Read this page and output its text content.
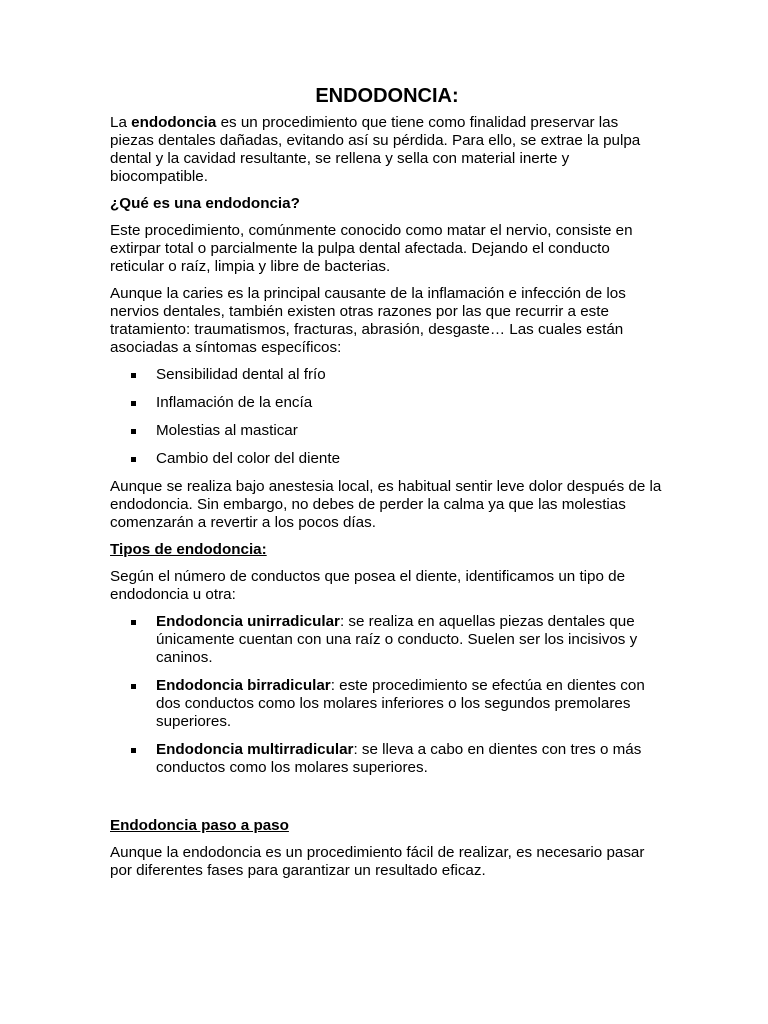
ENDODONCIA:

La endodoncia es un procedimiento que tiene como finalidad preservar las piezas dentales dañadas, evitando así su pérdida. Para ello, se extrae la pulpa dental y la cavidad resultante, se rellena y sella con material inerte y biocompatible.

¿Qué es una endodoncia?

Este procedimiento, comúnmente conocido como matar el nervio, consiste en extirpar total o parcialmente la pulpa dental afectada. Dejando el conducto reticular o raíz, limpia y libre de bacterias.

Aunque la caries es la principal causante de la inflamación e infección de los nervios dentales, también existen otras razones por las que recurrir a este tratamiento: traumatismos, fracturas, abrasión, desgaste… Las cuales están asociadas a síntomas específicos:

Sensibilidad dental al frío
Inflamación de la encía
Molestias al masticar
Cambio del color del diente

Aunque se realiza bajo anestesia local, es habitual sentir leve dolor después de la endodoncia. Sin embargo, no debes de perder la calma ya que las molestias comenzarán a revertir a los pocos días.

Tipos de endodoncia:

Según el número de conductos que posea el diente, identificamos un tipo de endodoncia u otra:

Endodoncia unirradicular: se realiza en aquellas piezas dentales que únicamente cuentan con una raíz o conducto. Suelen ser los incisivos y caninos.
Endodoncia birradicular: este procedimiento se efectúa en dientes con dos conductos como los molares inferiores o los segundos premolares superiores.
Endodoncia multirradicular: se lleva a cabo en dientes con tres o más conductos como los molares superiores.
Endodoncia paso a paso

Aunque la endodoncia es un procedimiento fácil de realizar, es necesario pasar por diferentes fases para garantizar un resultado eficaz.
